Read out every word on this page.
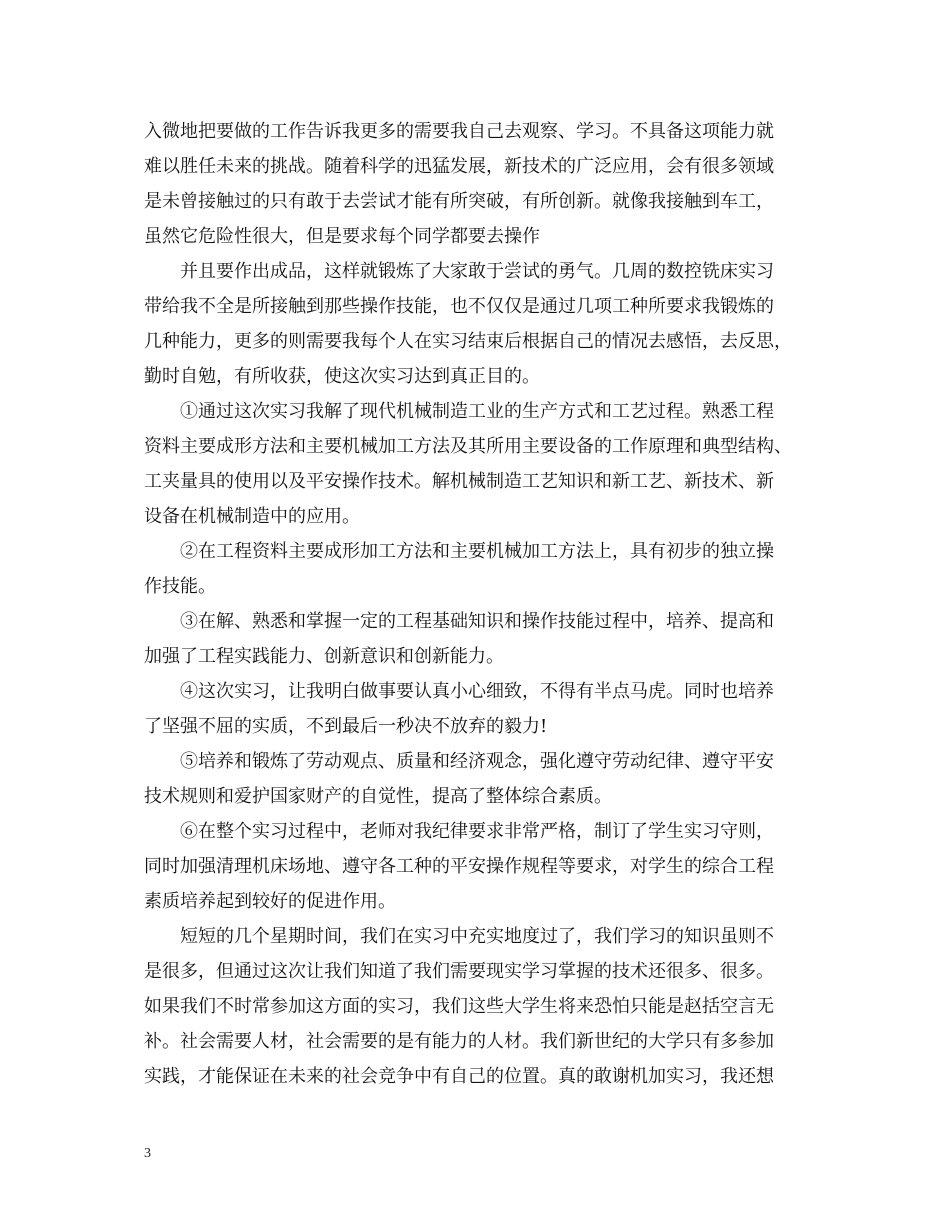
入微地把要做的工作告诉我更多的需要我自己去观察、学习。不具备这项能力就
难以胜任未来的挑战。随着科学的迅猛发展，新技术的广泛应用，会有很多领域
是未曾接触过的只有敢于去尝试才能有所突破，有所创新。就像我接触到车工，
虽然它危险性很大，但是要求每个同学都要去操作
并且要作出成品，这样就锻炼了大家敢于尝试的勇气。几周的数控铣床实习
带给我不全是所接触到那些操作技能，也不仅仅是通过几项工种所要求我锻炼的
几种能力，更多的则需要我每个人在实习结束后根据自己的情况去感悟，去反思，
勤时自勉，有所收获，使这次实习达到真正目的。
①通过这次实习我解了现代机械制造工业的生产方式和工艺过程。熟悉工程
资料主要成形方法和主要机械加工方法及其所用主要设备的工作原理和典型结构、
工夹量具的使用以及平安操作技术。解机械制造工艺知识和新工艺、新技术、新
设备在机械制造中的应用。
②在工程资料主要成形加工方法和主要机械加工方法上，具有初步的独立操
作技能。
③在解、熟悉和掌握一定的工程基础知识和操作技能过程中，培养、提高和
加强了工程实践能力、创新意识和创新能力。
④这次实习，让我明白做事要认真小心细致，不得有半点马虎。同时也培养
了坚强不屈的实质，不到最后一秒决不放弃的毅力!
⑤培养和锻炼了劳动观点、质量和经济观念，强化遵守劳动纪律、遵守平安
技术规则和爱护国家财产的自觉性，提高了整体综合素质。
⑥在整个实习过程中，老师对我纪律要求非常严格，制订了学生实习守则，
同时加强清理机床场地、遵守各工种的平安操作规程等要求，对学生的综合工程
素质培养起到较好的促进作用。
短短的几个星期时间，我们在实习中充实地度过了，我们学习的知识虽则不
是很多，但通过这次让我们知道了我们需要现实学习掌握的技术还很多、很多。
如果我们不时常参加这方面的实习，我们这些大学生将来恐怕只能是赵括空言无
补。社会需要人材，社会需要的是有能力的人材。我们新世纪的大学只有多参加
实践，才能保证在未来的社会竞争中有自己的位置。真的敢谢机加实习，我还想
3
